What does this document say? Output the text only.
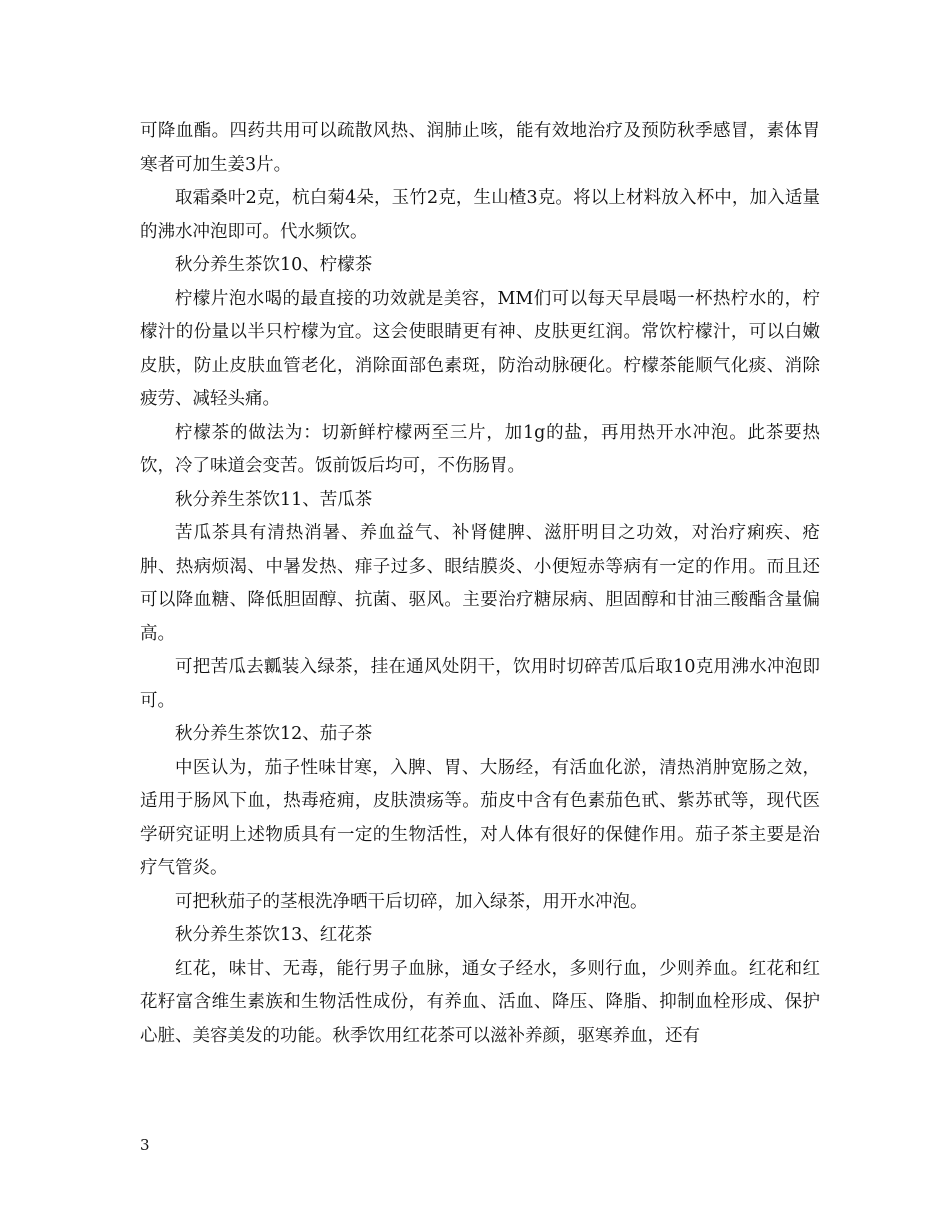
可降血酯。四药共用可以疏散风热、润肺止咳，能有效地治疗及预防秋季感冒，素体胃寒者可加生姜3片。

取霜桑叶2克，杭白菊4朵，玉竹2克，生山楂3克。将以上材料放入杯中，加入适量的沸水冲泡即可。代水频饮。

秋分养生茶饮10、柠檬茶

柠檬片泡水喝的最直接的功效就是美容，MM们可以每天早晨喝一杯热柠水的，柠檬汁的份量以半只柠檬为宜。这会使眼睛更有神、皮肤更红润。常饮柠檬汁，可以白嫩皮肤，防止皮肤血管老化，消除面部色素斑，防治动脉硬化。柠檬茶能顺气化痰、消除疲劳、减轻头痛。

柠檬茶的做法为：切新鲜柠檬两至三片，加1g的盐，再用热开水冲泡。此茶要热饮，冷了味道会变苦。饭前饭后均可，不伤肠胃。

秋分养生茶饮11、苦瓜茶

苦瓜茶具有清热消暑、养血益气、补肾健脾、滋肝明目之功效，对治疗痢疾、疮肿、热病烦渴、中暑发热、痱子过多、眼结膜炎、小便短赤等病有一定的作用。而且还可以降血糖、降低胆固醇、抗菌、驱风。主要治疗糖尿病、胆固醇和甘油三酸酯含量偏高。

可把苦瓜去瓤装入绿茶，挂在通风处阴干，饮用时切碎苦瓜后取10克用沸水冲泡即可。

秋分养生茶饮12、茄子茶

中医认为，茄子性味甘寒，入脾、胃、大肠经，有活血化淤，清热消肿宽肠之效，适用于肠风下血，热毒疮痈，皮肤溃疡等。茄皮中含有色素茄色甙、紫苏甙等，现代医学研究证明上述物质具有一定的生物活性，对人体有很好的保健作用。茄子茶主要是治疗气管炎。

可把秋茄子的茎根洗净晒干后切碎，加入绿茶，用开水冲泡。

秋分养生茶饮13、红花茶

红花，味甘、无毒，能行男子血脉，通女子经水，多则行血，少则养血。红花和红花籽富含维生素族和生物活性成份，有养血、活血、降压、降脂、抑制血栓形成、保护心脏、美容美发的功能。秋季饮用红花茶可以滋补养颜，驱寒养血，还有

3
